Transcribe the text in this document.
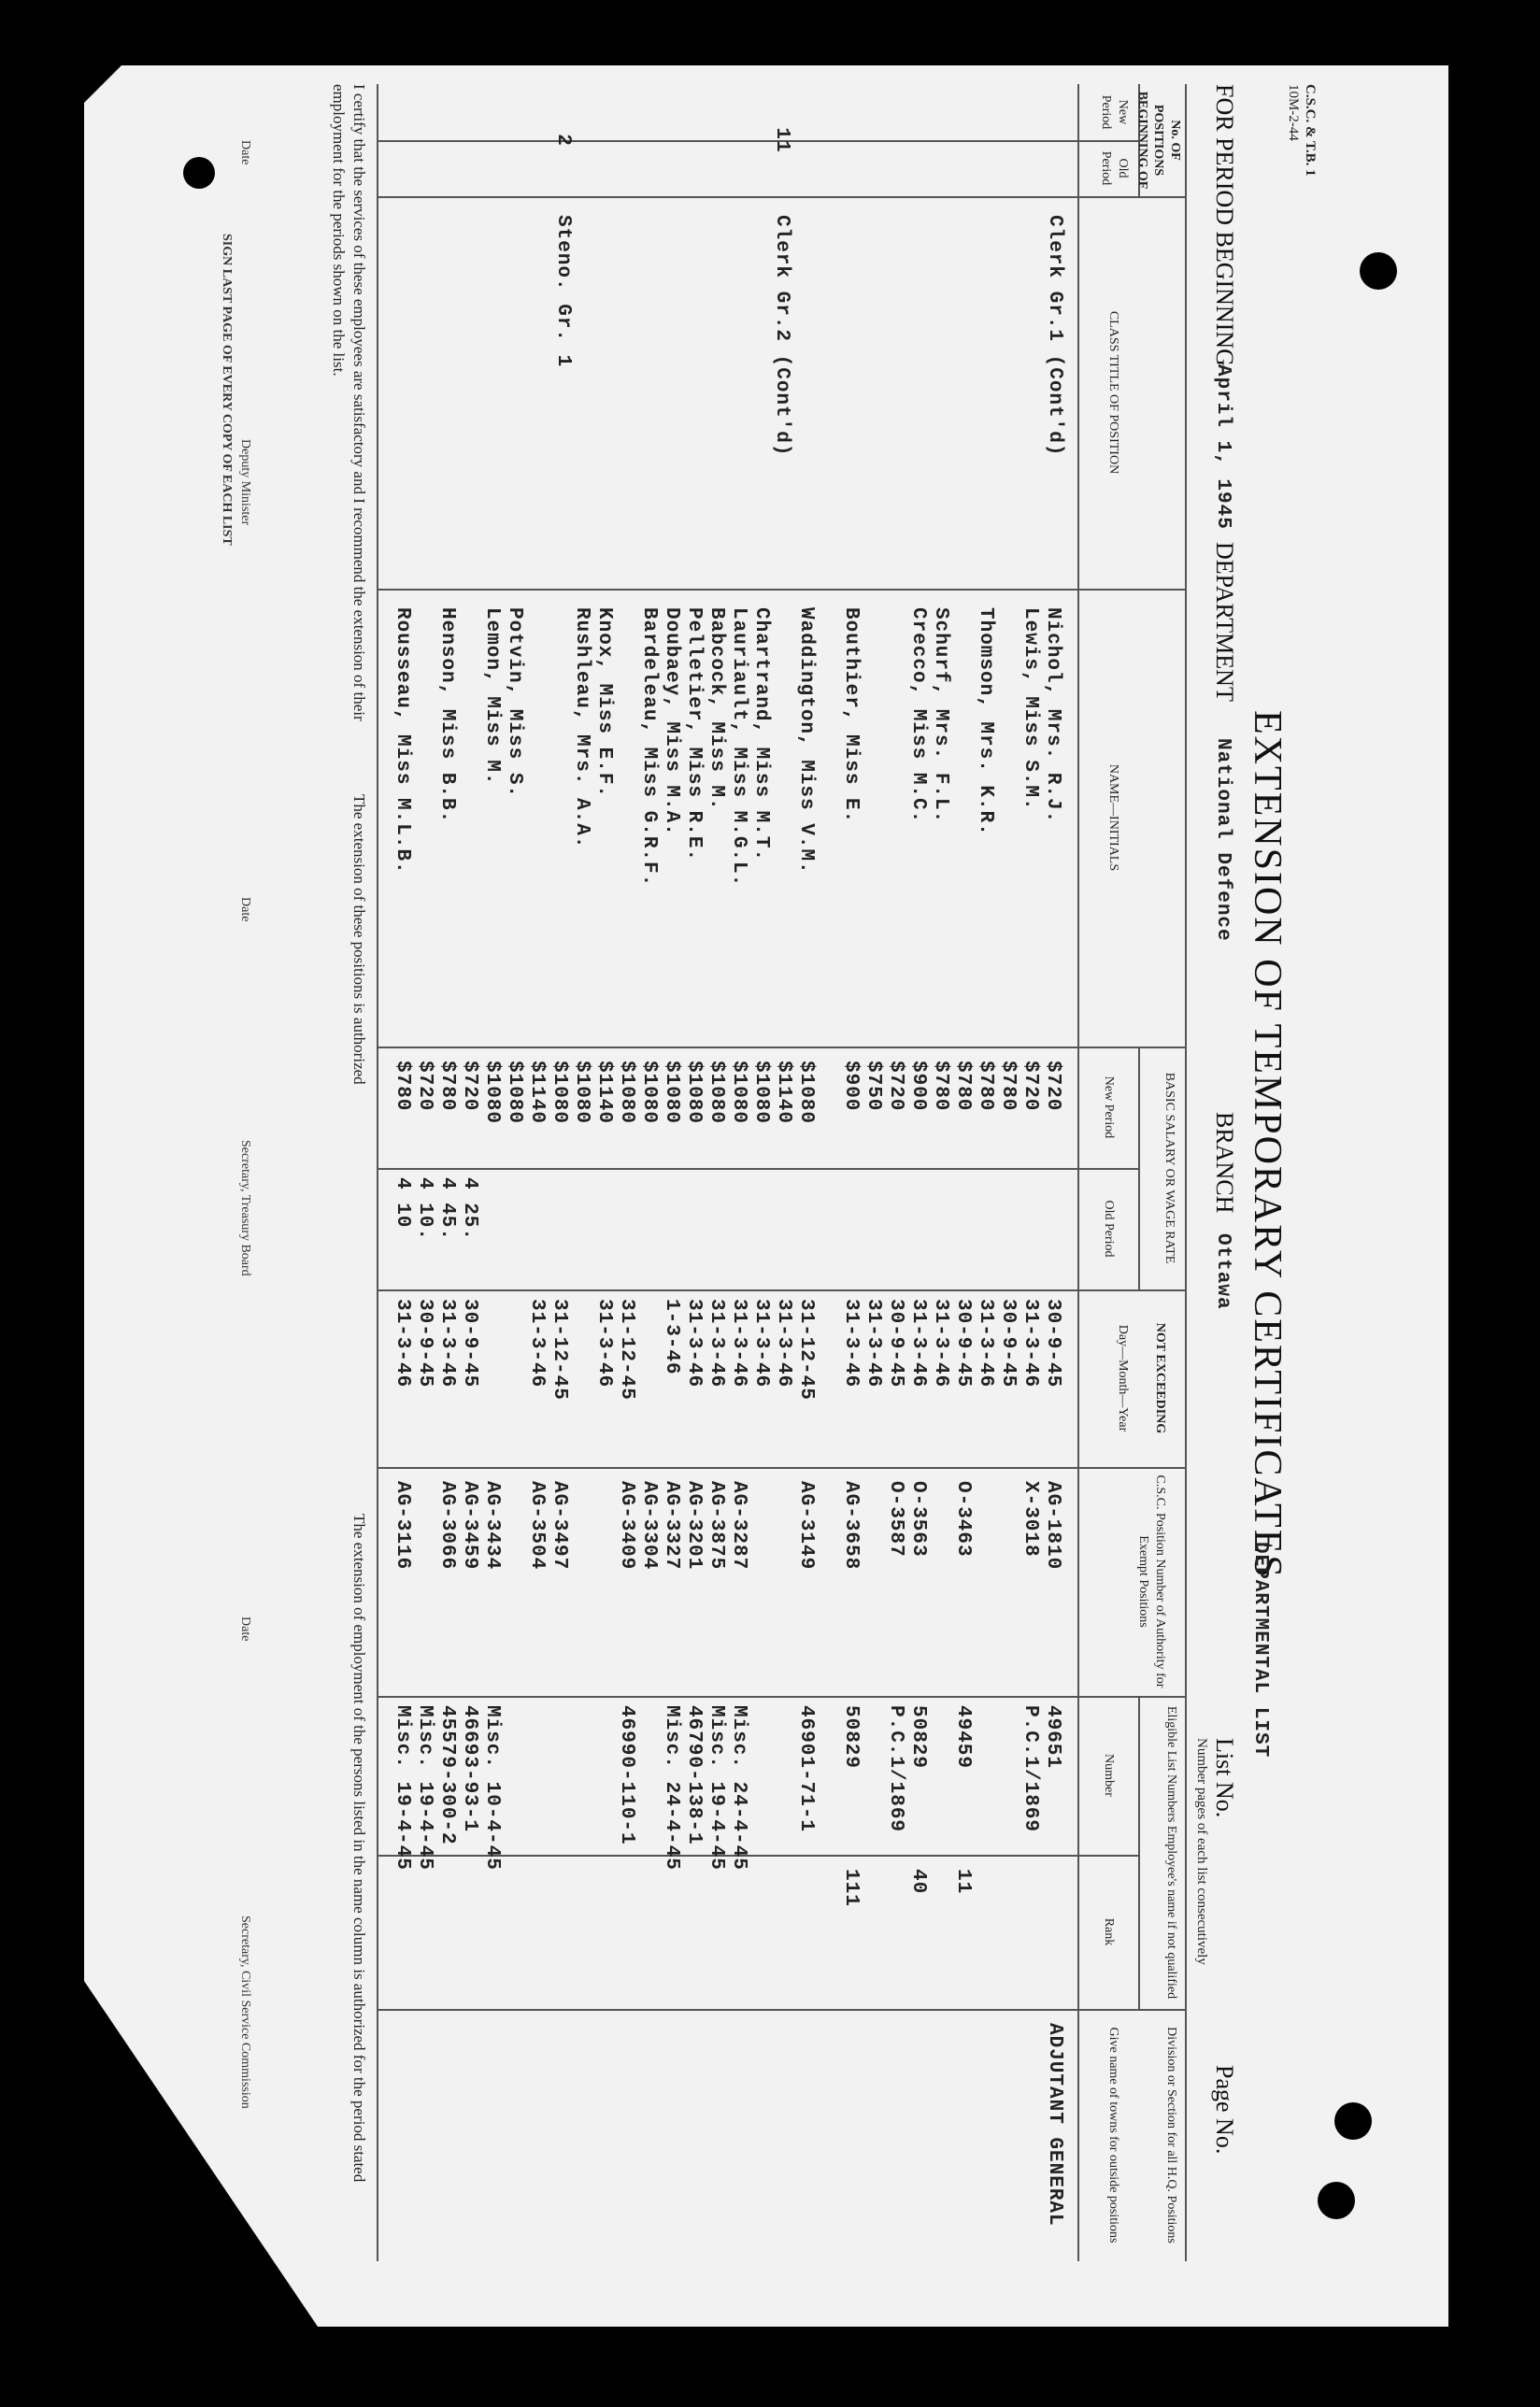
C.S.C. & T.B. 1
10M-2-44
EXTENSION OF TEMPORARY CERTIFICATES
FOR PERIOD BEGINNING
April 1, 1945
DEPARTMENT
National Defence
BRANCH
Ottawa
DEPARTMENTAL LIST
List No.
Number pages of each list consecutively
Page No.
No. OF POSITIONS BEGINNING OF
New Period
Old Period
CLASS TITLE OF POSITION
NAME—INITIALS
BASIC SALARY OR WAGE RATE
New Period
Old Period
NOT EXCEEDING
Day—Month—Year
C.S.C. Position Number of Authority for Exempt Positions
Eligible List Numbers Employee's name if not qualified
Number
Rank
Division or Section for all H.Q. Positions
Give name of towns for outside positions
ADJUTANT GENERAL
Clerk Gr.1 (Cont'd)
11
Clerk Gr.2 (Cont'd)
2
Steno. Gr. 1
Nichol, Mrs. R.J.
$720
30-9-45
AG-1810
49651
Lewis, Miss S.M.
$720
31-3-46
X-3018
P.C.1/1869
$780
30-9-45
Thomson, Mrs. K.R.
$780
31-3-46
$780
30-9-45
O-3463
49459
11
Schurf, Mrs. F.L.
$780
31-3-46
Crecco, Miss M.C.
$900
31-3-46
O-3563
50829
40
$720
30-9-45
O-3587
P.C.1/1869
$750
31-3-46
Bouthier, Miss E.
$900
31-3-46
AG-3658
50829
111
Waddington, Miss V.M.
$1080
31-12-45
AG-3149
46901-71-1
$1140
31-3-46
Chartrand, Miss M.T.
$1080
31-3-46
Lauriault, Miss M.G.L.
$1080
31-3-46
AG-3287
Misc. 24-4-45
Babcock, Miss M.
$1080
31-3-46
AG-3875
Misc. 19-4-45
Pelletier, Miss R.E.
$1080
31-3-46
AG-3201
46790-138-1
Doubaey, Miss M.A.
$1080
1-3-46
AG-3327
Misc. 24-4-45
Bardeleau, Miss G.R.F.
$1080
AG-3304
$1080
31-12-45
AG-3409
46990-110-1
Knox, Miss E.F.
$1140
31-3-46
Rushleau, Mrs. A.A.
$1080
$1080
31-12-45
AG-3497
$1140
31-3-46
AG-3504
Potvin, Miss S.
$1080
Lemon, Miss M.
$1080
AG-3434
Misc. 10-4-45
$720
4 25.
30-9-45
AG-3459
46693-93-1
Henson, Miss B.B.
$780
4 45.
31-3-46
AG-3066
45579-300-2
$720
4 10.
30-9-45
Misc. 19-4-45
Rousseau, Miss M.L.B.
$780
4 10
31-3-46
AG-3116
Misc. 19-4-45
I certify that the services of these employees are satisfactory and I recommend the extension of their employment for the periods shown on the list.
The extension of these positions is authorized
The extension of employment of the persons listed in the name column is authorized for the period stated
Date
Deputy Minister
Date
Secretary, Treasury Board
Date
Secretary, Civil Service Commission
SIGN LAST PAGE OF EVERY COPY OF EACH LIST
